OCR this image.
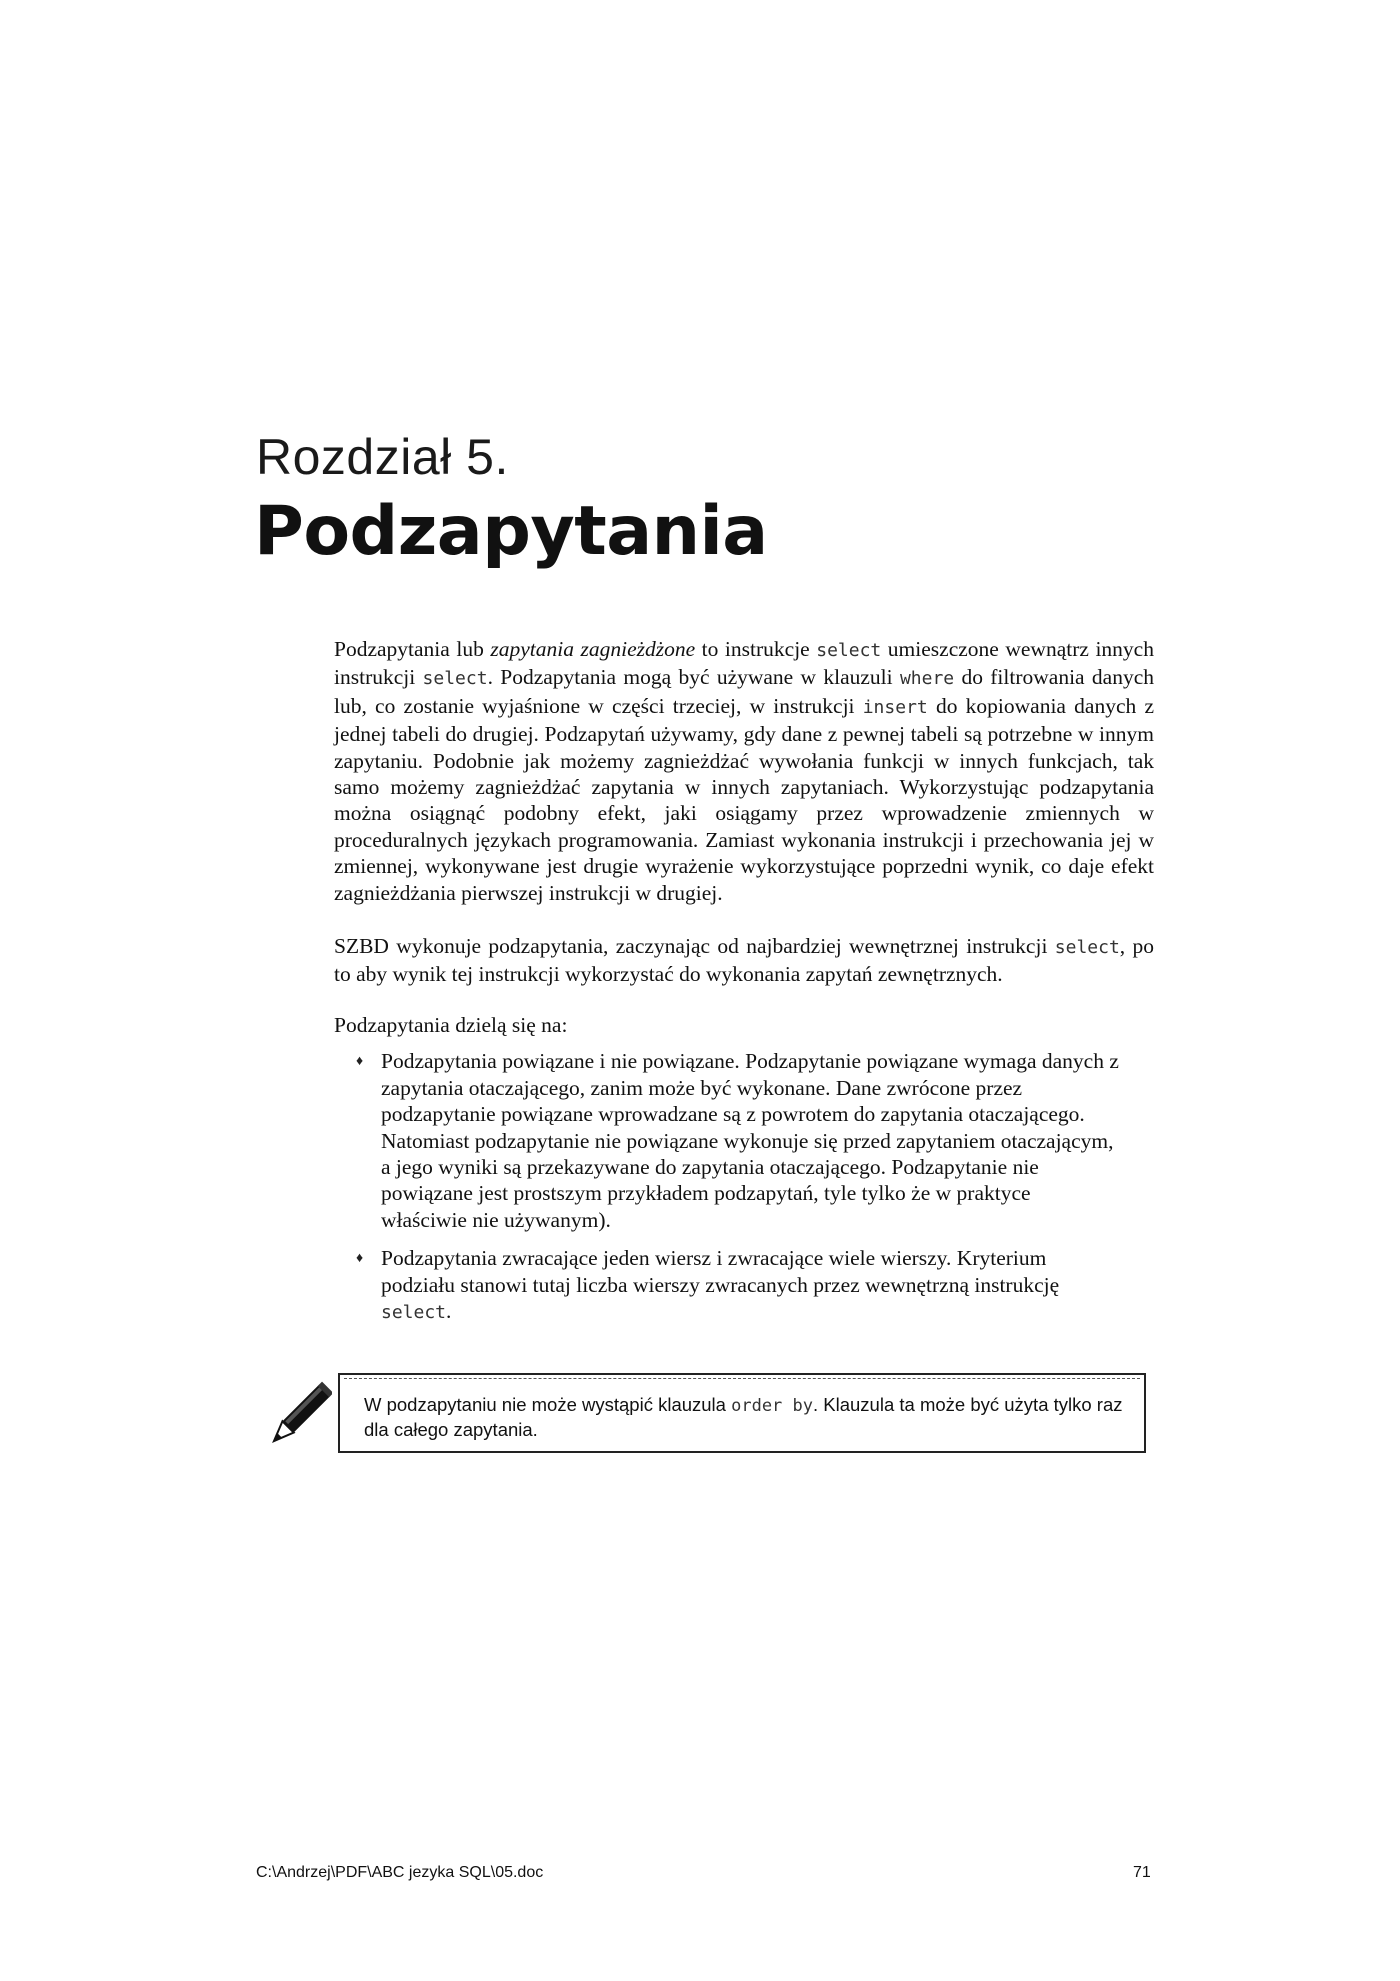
Rozdział 5.
Podzapytania

Podzapytania lub zapytania zagnieżdżone to instrukcje select umieszczone wewnątrz innych instrukcji select. Podzapytania mogą być używane w klauzuli where do filtrowania danych lub, co zostanie wyjaśnione w części trzeciej, w instrukcji insert do kopiowania danych z jednej tabeli do drugiej. Podzapytań używamy, gdy dane z pewnej tabeli są potrzebne w innym zapytaniu. Podobnie jak możemy zagnieżdżać wywołania funkcji w innych funkcjach, tak samo możemy zagnieżdżać zapytania w innych zapytaniach. Wykorzystując podzapytania można osiągnąć podobny efekt, jaki osiągamy przez wprowadzenie zmiennych w proceduralnych językach programowania. Zamiast wykonania instrukcji i przechowania jej w zmiennej, wykonywane jest drugie wyrażenie wykorzystujące poprzedni wynik, co daje efekt zagnieżdżania pierwszej instrukcji w drugiej.

SZBD wykonuje podzapytania, zaczynając od najbardziej wewnętrznej instrukcji select, po to aby wynik tej instrukcji wykorzystać do wykonania zapytań zewnętrznych.

Podzapytania dzielą się na:

♦ Podzapytania powiązane i nie powiązane. Podzapytanie powiązane wymaga danych z zapytania otaczającego, zanim może być wykonane. Dane zwrócone przez podzapytanie powiązane wprowadzane są z powrotem do zapytania otaczającego. Natomiast podzapytanie nie powiązane wykonuje się przed zapytaniem otaczającym, a jego wyniki są przekazywane do zapytania otaczającego. Podzapytanie nie powiązane jest prostszym przykładem podzapytań, tyle tylko że w praktyce właściwie nie używanym).
♦ Podzapytania zwracające jeden wiersz i zwracające wiele wierszy. Kryterium podziału stanowi tutaj liczba wierszy zwracanych przez wewnętrzną instrukcję select.
W podzapytaniu nie może wystąpić klauzula order by. Klauzula ta może być użyta tylko raz dla całego zapytania.
C:\Andrzej\PDF\ABC jezyka SQL\05.doc	71
